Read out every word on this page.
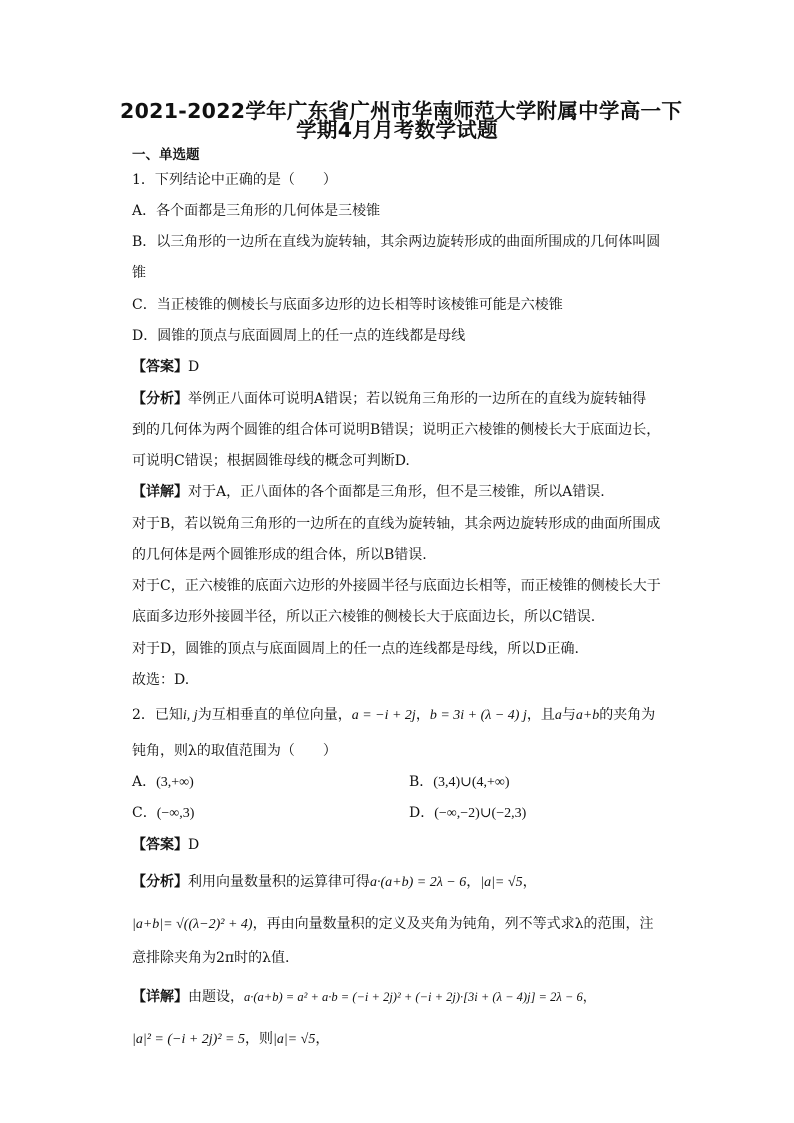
2021-2022学年广东省广州市华南师范大学附属中学高一下
学期4月月考数学试题
一、单选题
1．下列结论中正确的是（　　）
A．各个面都是三角形的几何体是三棱锥
B．以三角形的一边所在直线为旋转轴，其余两边旋转形成的曲面所围成的几何体叫圆
锥
C．当正棱锥的侧棱长与底面多边形的边长相等时该棱锥可能是六棱锥
D．圆锥的顶点与底面圆周上的任一点的连线都是母线
【答案】D
【分析】举例正八面体可说明A错误；若以锐角三角形的一边所在的直线为旋转轴得
到的几何体为两个圆锥的组合体可说明B错误；说明正六棱锥的侧棱长大于底面边长，
可说明C错误；根据圆锥母线的概念可判断D.
【详解】对于A，正八面体的各个面都是三角形，但不是三棱锥，所以A错误.
对于B，若以锐角三角形的一边所在的直线为旋转轴，其余两边旋转形成的曲面所围成
的几何体是两个圆锥形成的组合体，所以B错误.
对于C，正六棱锥的底面六边形的外接圆半径与底面边长相等，而正棱锥的侧棱长大于
底面多边形外接圆半径，所以正六棱锥的侧棱长大于底面边长，所以C错误.
对于D，圆锥的顶点与底面圆周上的任一点的连线都是母线，所以D正确.
故选：D.
2．已知i, j为互相垂直的单位向量，a = −i + 2j，b = 3i + (λ − 4) j，且a与a+b的夹角为
钝角，则λ的取值范围为（　　）
A．(3,+∞)	B．(3,4)∪(4,+∞)
C．(−∞,3)	D．(−∞,−2)∪(−2,3)
【答案】D
【分析】利用向量数量积的运算律可得a·(a+b) = 2λ − 6，|a|= √5，
|a+b|= √((λ−2)² + 4)，再由向量数量积的定义及夹角为钝角，列不等式求λ的范围，注
意排除夹角为2π时的λ值.
【详解】由题设，a·(a+b) = a² + a·b = (−i + 2j)² + (−i + 2j)·[3i + (λ − 4)j] = 2λ − 6，
|a|² = (−i + 2j)² = 5，则|a|= √5，
